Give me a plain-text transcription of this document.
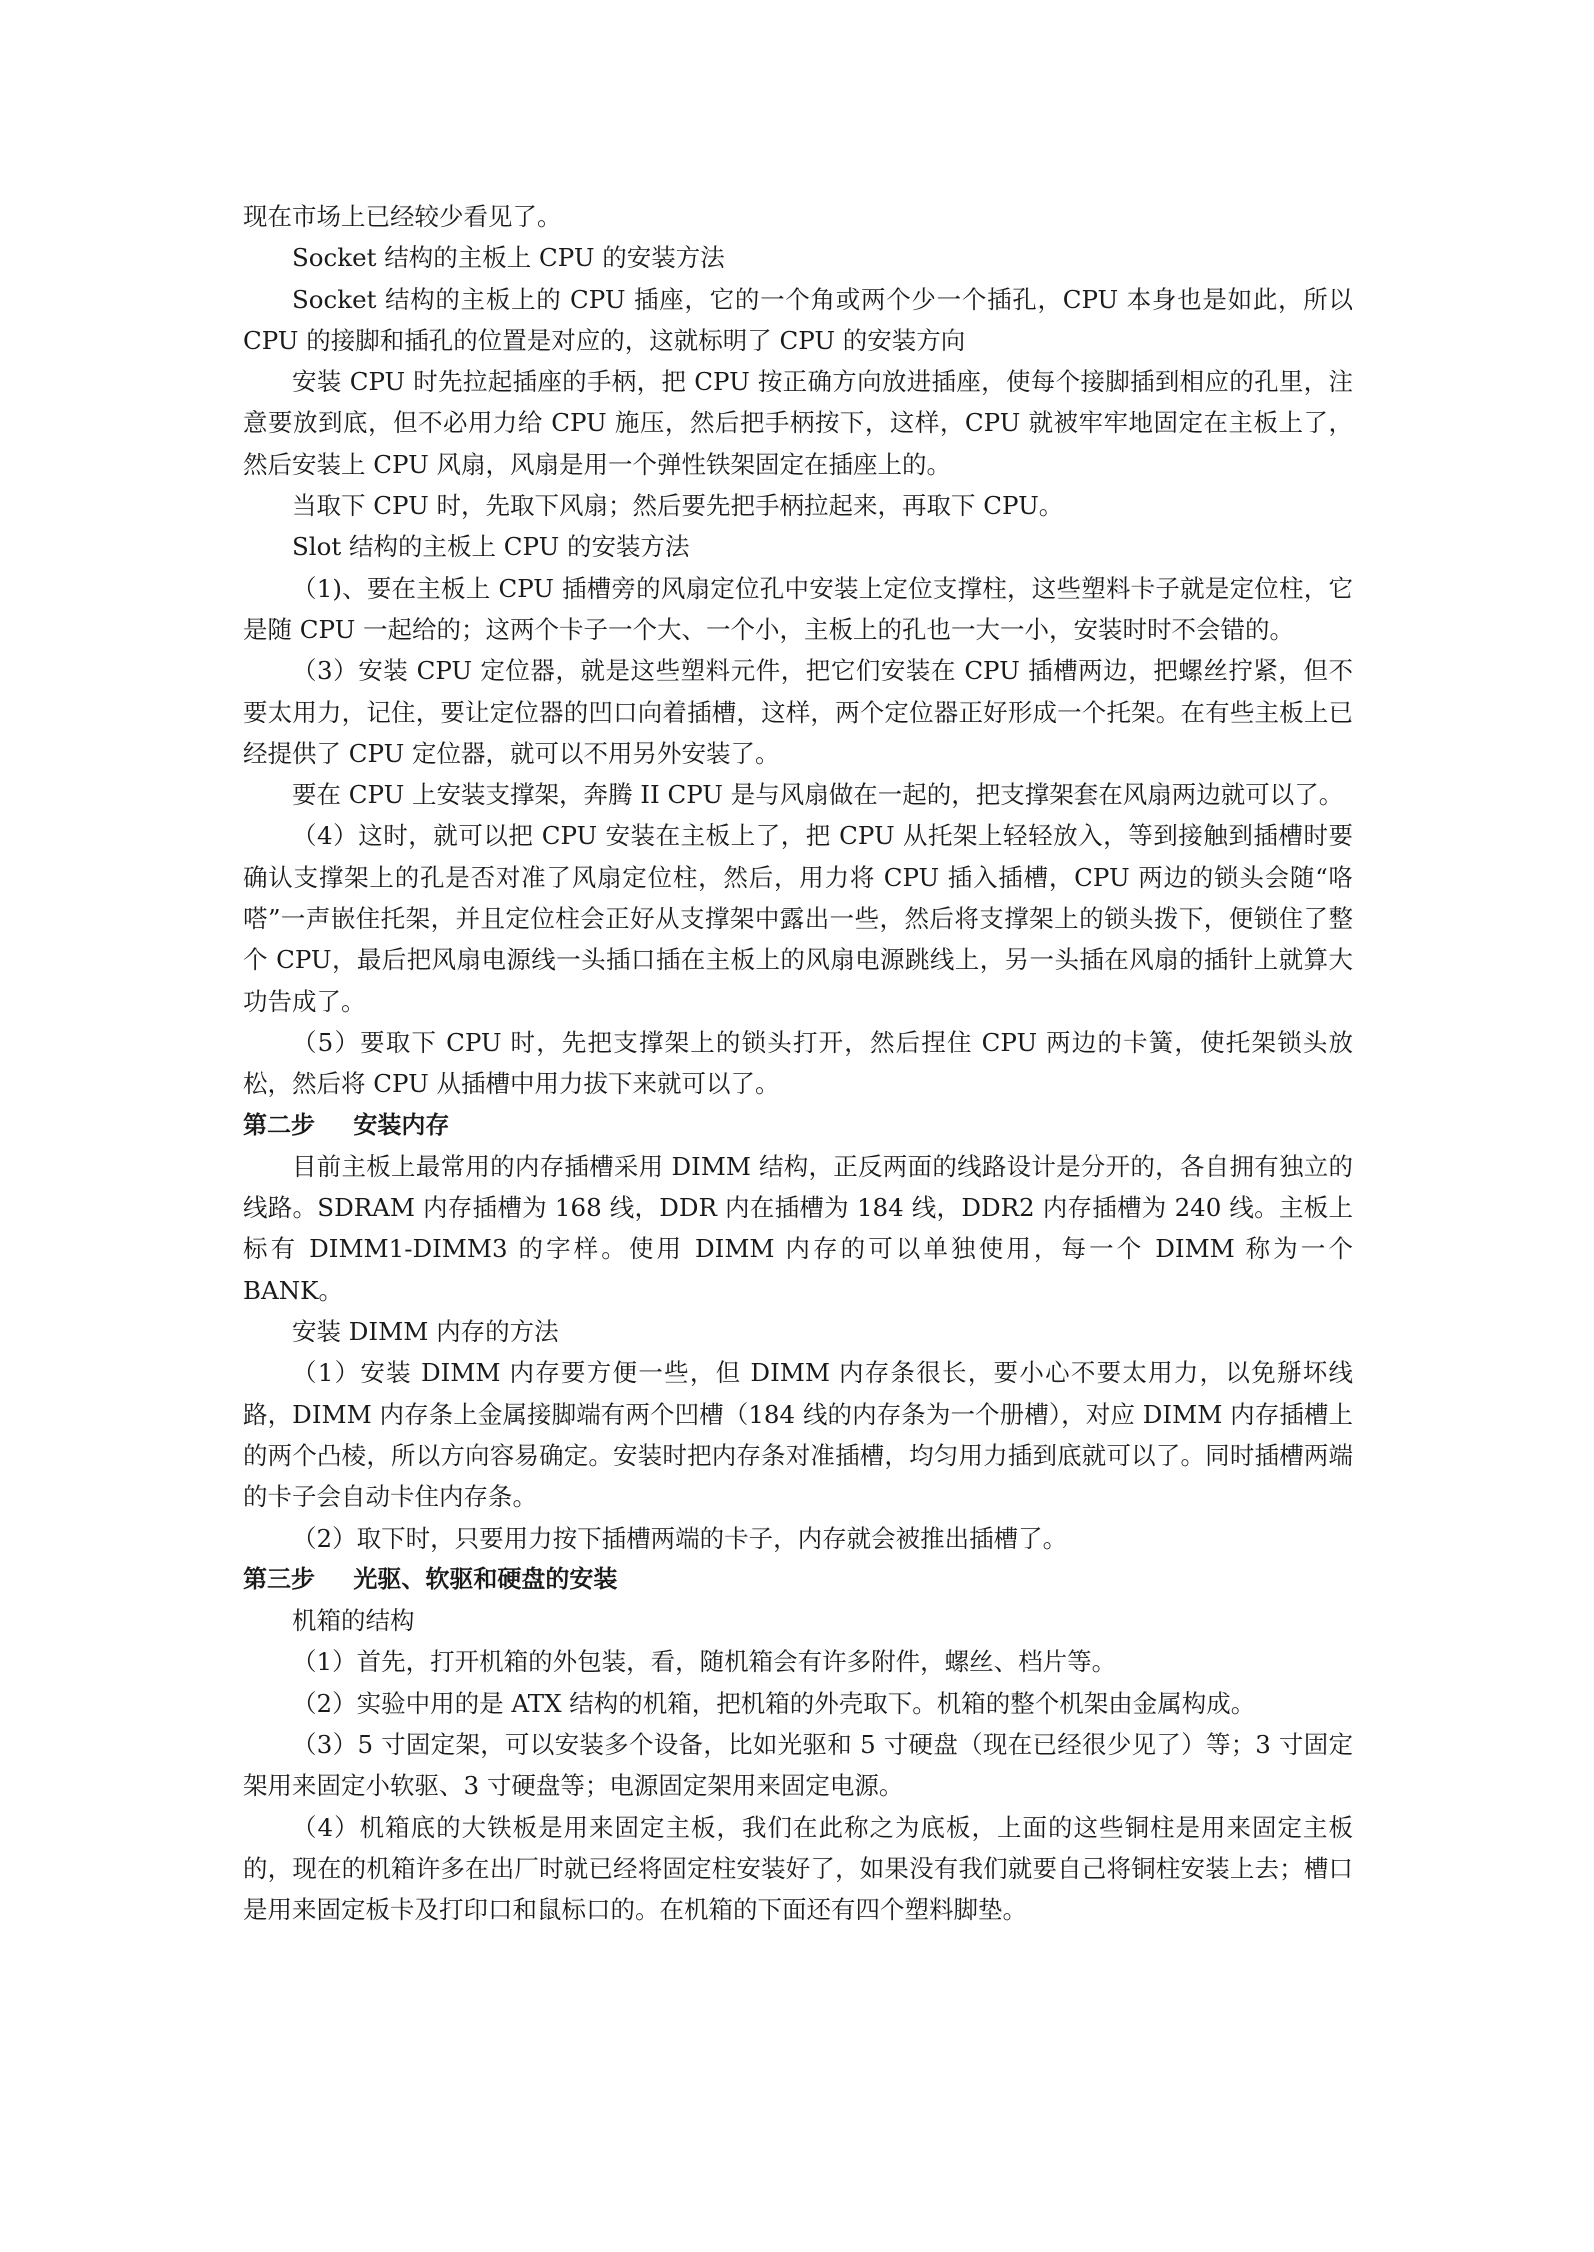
现在市场上已经较少看见了。

Socket 结构的主板上 CPU 的安装方法

Socket 结构的主板上的 CPU 插座，它的一个角或两个少一个插孔，CPU 本身也是如此，所以 CPU 的接脚和插孔的位置是对应的，这就标明了 CPU 的安装方向

安装 CPU 时先拉起插座的手柄，把 CPU 按正确方向放进插座，使每个接脚插到相应的孔里，注意要放到底，但不必用力给 CPU 施压，然后把手柄按下，这样，CPU 就被牢牢地固定在主板上了，然后安装上 CPU 风扇，风扇是用一个弹性铁架固定在插座上的。

当取下 CPU 时，先取下风扇；然后要先把手柄拉起来，再取下 CPU。

Slot 结构的主板上 CPU 的安装方法

（1)、要在主板上 CPU 插槽旁的风扇定位孔中安装上定位支撑柱，这些塑料卡子就是定位柱，它是随 CPU 一起给的；这两个卡子一个大、一个小，主板上的孔也一大一小，安装时时不会错的。

（3）安装 CPU 定位器，就是这些塑料元件，把它们安装在 CPU 插槽两边，把螺丝拧紧，但不要太用力，记住，要让定位器的凹口向着插槽，这样，两个定位器正好形成一个托架。在有些主板上已经提供了 CPU 定位器，就可以不用另外安装了。

要在 CPU 上安装支撑架，奔腾 II CPU 是与风扇做在一起的，把支撑架套在风扇两边就可以了。

（4）这时，就可以把 CPU 安装在主板上了，把 CPU 从托架上轻轻放入，等到接触到插槽时要确认支撑架上的孔是否对准了风扇定位柱，然后，用力将 CPU 插入插槽，CPU 两边的锁头会随“咯嗒”一声嵌住托架，并且定位柱会正好从支撑架中露出一些，然后将支撑架上的锁头拨下，便锁住了整个 CPU，最后把风扇电源线一头插口插在主板上的风扇电源跳线上，另一头插在风扇的插针上就算大功告成了。

（5）要取下 CPU 时，先把支撑架上的锁头打开，然后捏住 CPU 两边的卡簧，使托架锁头放松，然后将 CPU 从插槽中用力拔下来就可以了。

第二步 安装内存

目前主板上最常用的内存插槽采用 DIMM 结构，正反两面的线路设计是分开的，各自拥有独立的线路。SDRAM 内存插槽为 168 线，DDR 内在插槽为 184 线，DDR2 内存插槽为 240 线。主板上标有 DIMM1-DIMM3 的字样。使用 DIMM 内存的可以单独使用，每一个 DIMM 称为一个 BANK。

安装 DIMM 内存的方法

（1）安装 DIMM 内存要方便一些，但 DIMM 内存条很长，要小心不要太用力，以免掰坏线路，DIMM 内存条上金属接脚端有两个凹槽（184 线的内存条为一个册槽），对应 DIMM 内存插槽上的两个凸棱，所以方向容易确定。安装时把内存条对准插槽，均匀用力插到底就可以了。同时插槽两端的卡子会自动卡住内存条。

（2）取下时，只要用力按下插槽两端的卡子，内存就会被推出插槽了。

第三步 光驱、软驱和硬盘的安装

机箱的结构

（1）首先，打开机箱的外包装，看，随机箱会有许多附件，螺丝、档片等。

（2）实验中用的是 ATX 结构的机箱，把机箱的外壳取下。机箱的整个机架由金属构成。

（3）5 寸固定架，可以安装多个设备，比如光驱和 5 寸硬盘（现在已经很少见了）等；3 寸固定架用来固定小软驱、3 寸硬盘等；电源固定架用来固定电源。

（4）机箱底的大铁板是用来固定主板，我们在此称之为底板，上面的这些铜柱是用来固定主板的，现在的机箱许多在出厂时就已经将固定柱安装好了，如果没有我们就要自己将铜柱安装上去；槽口是用来固定板卡及打印口和鼠标口的。在机箱的下面还有四个塑料脚垫。
